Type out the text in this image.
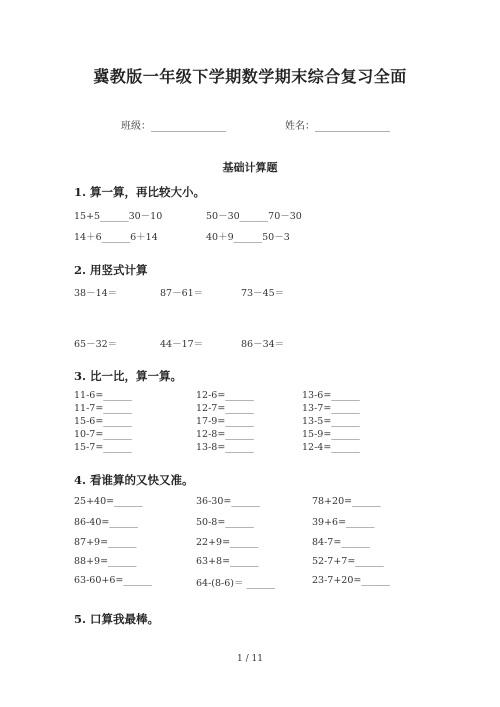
冀教版一年级下学期数学期末综合复习全面
班级：_______________	姓名：_______________
基础计算题
1. 算一算，再比较大小。
15+5______30－10	50－30______70－30
14＋6______6＋14	40＋9______50－3
2. 用竖式计算
38－14＝	87－61＝	73－45＝
65－32＝	44－17＝	86－34＝
3. 比一比，算一算。
11-6=______	12-6=______	13-6=______
11-7=______	12-7=______	13-7=______
15-6=______	17-9=______	13-5=______
10-7=______	12-8=______	15-9=______
15-7=______	13-8=______	12-4=______
4. 看谁算的又快又准。
25+40=______	36-30=______	78+20=______
86-40=______	50-8=______	39+6=______
87+9=______	22+9=______	84-7=______
88+9=______	63+8=______	52-7+7=______
63-60+6=______	64-(8-6)＝ ______	23-7+20=______
5. 口算我最棒。
1 / 11
